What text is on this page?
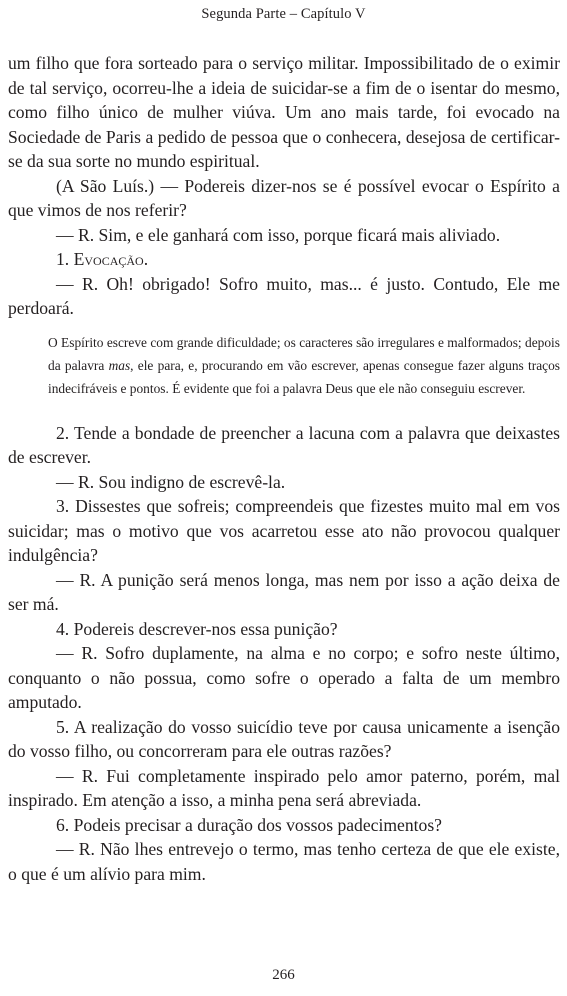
Segunda Parte – Capítulo V

um filho que fora sorteado para o serviço militar. Impossibilitado de o eximir de tal serviço, ocorreu-lhe a ideia de suicidar-se a fim de o isentar do mesmo, como filho único de mulher viúva. Um ano mais tarde, foi evocado na Sociedade de Paris a pedido de pessoa que o conhecera, desejosa de certificar-se da sua sorte no mundo espiritual.

(A São Luís.) — Podereis dizer-nos se é possível evocar o Espírito a que vimos de nos referir?

— R. Sim, e ele ganhará com isso, porque ficará mais aliviado.

1. Evocação.

— R. Oh! obrigado! Sofro muito, mas... é justo. Contudo, Ele me perdoará.

O Espírito escreve com grande dificuldade; os caracteres são irregulares e malformados; depois da palavra mas, ele para, e, procurando em vão escrever, apenas consegue fazer alguns traços indecifráveis e pontos. É evidente que foi a palavra Deus que ele não conseguiu escrever.

2. Tende a bondade de preencher a lacuna com a palavra que deixastes de escrever.

— R. Sou indigno de escrevê-la.

3. Dissestes que sofreis; compreendeis que fizestes muito mal em vos suicidar; mas o motivo que vos acarretou esse ato não provocou qualquer indulgência?

— R. A punição será menos longa, mas nem por isso a ação deixa de ser má.

4. Podereis descrever-nos essa punição?

— R. Sofro duplamente, na alma e no corpo; e sofro neste último, conquanto o não possua, como sofre o operado a falta de um membro amputado.

5. A realização do vosso suicídio teve por causa unicamente a isenção do vosso filho, ou concorreram para ele outras razões?

— R. Fui completamente inspirado pelo amor paterno, porém, mal inspirado. Em atenção a isso, a minha pena será abreviada.

6. Podeis precisar a duração dos vossos padecimentos?

— R. Não lhes entrevejo o termo, mas tenho certeza de que ele existe, o que é um alívio para mim.

266
